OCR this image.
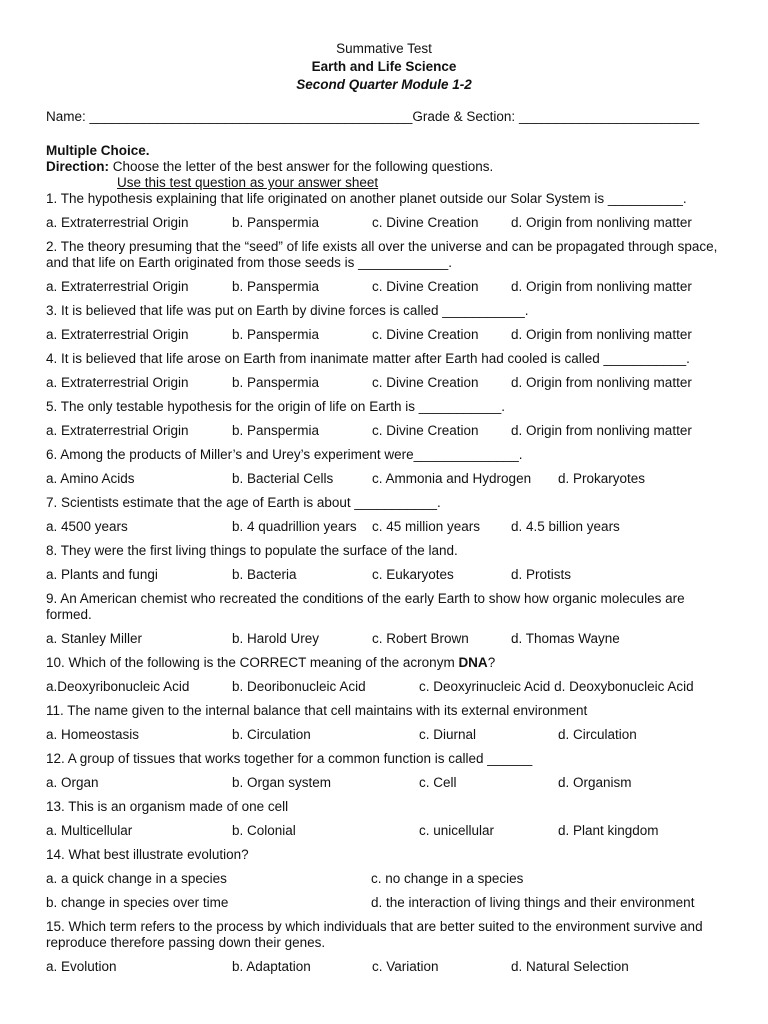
Summative Test
Earth and Life Science
Second Quarter Module 1-2
Name: ___________________________________________ Grade & Section: ________________________
Multiple Choice.
Direction: Choose the letter of the best answer for the following questions.
Use this test question as your answer sheet
1. The hypothesis explaining that life originated on another planet outside our Solar System is __________.
a. Extraterrestrial Origin	b. Panspermia	c. Divine Creation	d. Origin from nonliving matter
2. The theory presuming that the “seed” of life exists all over the universe and can be propagated through space, and that life on Earth originated from those seeds is ____________.
a. Extraterrestrial Origin	b. Panspermia	c. Divine Creation	d. Origin from nonliving matter
3. It is believed that life was put on Earth by divine forces is called ___________.
a. Extraterrestrial Origin	b. Panspermia	c. Divine Creation	d. Origin from nonliving matter
4. It is believed that life arose on Earth from inanimate matter after Earth had cooled is called ___________.
a. Extraterrestrial Origin	b. Panspermia	c. Divine Creation	d. Origin from nonliving matter
5. The only testable hypothesis for the origin of life on Earth is ___________.
a. Extraterrestrial Origin	b. Panspermia	c. Divine Creation	d. Origin from nonliving matter
6. Among the products of Miller’s and Urey’s experiment were______________.
a. Amino Acids	b. Bacterial Cells	c. Ammonia and Hydrogen	d. Prokaryotes
7. Scientists estimate that the age of Earth is about ___________.
a. 4500 years	b. 4 quadrillion years	c. 45 million years	d. 4.5 billion years
8. They were the first living things to populate the surface of the land.
a. Plants and fungi	b. Bacteria	c. Eukaryotes	d. Protists
9. An American chemist who recreated the conditions of the early Earth to show how organic molecules are formed.
a. Stanley Miller	b. Harold Urey	c. Robert Brown	d. Thomas Wayne
10. Which of the following is the CORRECT meaning of the acronym DNA?
a.Deoxyribonucleic Acid	b. Deoribonucleic Acid	c. Deoxyrinucleic Acid
d. Deoxybonucleic Acid
11. The name given to the internal balance that cell maintains with its external environment
a. Homeostasis	b. Circulation	c. Diurnal	d. Circulation
12. A group of tissues that works together for a common function is called ______
a. Organ	b. Organ system	c. Cell	d. Organism
13. This is an organism made of one cell
a. Multicellular	b. Colonial	c. unicellular	d. Plant kingdom
14. What best illustrate evolution?
a. a quick change in a species	c. no change in a species
b. change in species over time	d. the interaction of living things and their environment
15. Which term refers to the process by which individuals that are better suited to the environment survive and reproduce therefore passing down their genes.
a. Evolution	b. Adaptation	c. Variation	d. Natural Selection
